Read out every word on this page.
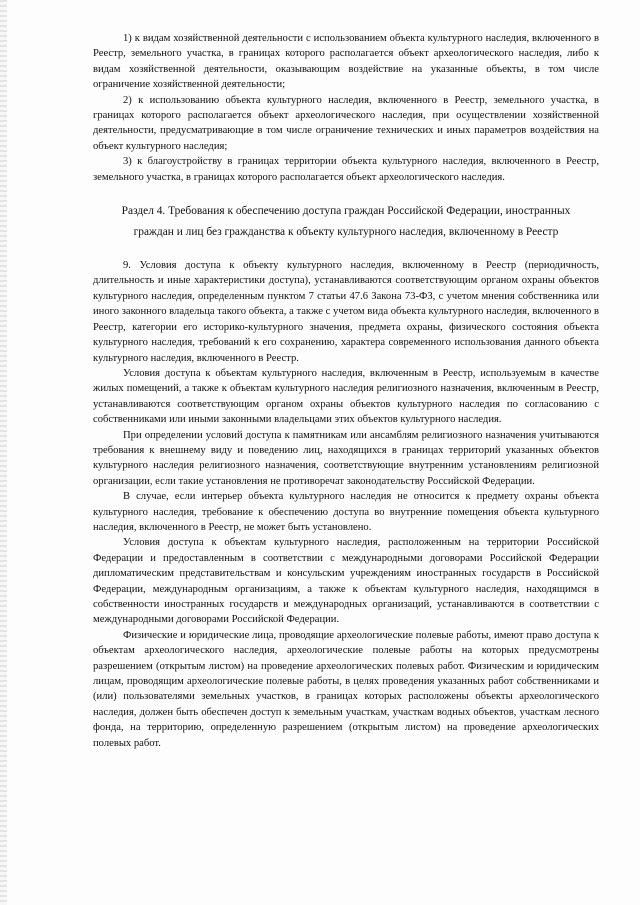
1) к видам хозяйственной деятельности с использованием объекта культурного наследия, включенного в Реестр, земельного участка, в границах которого располагается объект археологического наследия, либо к видам хозяйственной деятельности, оказывающим воздействие на указанные объекты, в том числе ограничение хозяйственной деятельности;

2) к использованию объекта культурного наследия, включенного в Реестр, земельного участка, в границах которого располагается объект археологического наследия, при осуществлении хозяйственной деятельности, предусматривающие в том числе ограничение технических и иных параметров воздействия на объект культурного наследия;

3) к благоустройству в границах территории объекта культурного наследия, включенного в Реестр, земельного участка, в границах которого располагается объект археологического наследия.

Раздел 4. Требования к обеспечению доступа граждан Российской Федерации, иностранных граждан и лиц без гражданства к объекту культурного наследия, включенному в Реестр

9. Условия доступа к объекту культурного наследия, включенному в Реестр (периодичность, длительность и иные характеристики доступа), устанавливаются соответствующим органом охраны объектов культурного наследия, определенным пунктом 7 статьи 47.6 Закона 73-ФЗ, с учетом мнения собственника или иного законного владельца такого объекта, а также с учетом вида объекта культурного наследия, включенного в Реестр, категории его историко-культурного значения, предмета охраны, физического состояния объекта культурного наследия, требований к его сохранению, характера современного использования данного объекта культурного наследия, включенного в Реестр.

Условия доступа к объектам культурного наследия, включенным в Реестр, используемым в качестве жилых помещений, а также к объектам культурного наследия религиозного назначения, включенным в Реестр, устанавливаются соответствующим органом охраны объектов культурного наследия по согласованию с собственниками или иными законными владельцами этих объектов культурного наследия.

При определении условий доступа к памятникам или ансамблям религиозного назначения учитываются требования к внешнему виду и поведению лиц, находящихся в границах территорий указанных объектов культурного наследия религиозного назначения, соответствующие внутренним установлениям религиозной организации, если такие установления не противоречат законодательству Российской Федерации.

В случае, если интерьер объекта культурного наследия не относится к предмету охраны объекта культурного наследия, требование к обеспечению доступа во внутренние помещения объекта культурного наследия, включенного в Реестр, не может быть установлено.

Условия доступа к объектам культурного наследия, расположенным на территории Российской Федерации и предоставленным в соответствии с международными договорами Российской Федерации дипломатическим представительствам и консульским учреждениям иностранных государств в Российской Федерации, международным организациям, а также к объектам культурного наследия, находящимся в собственности иностранных государств и международных организаций, устанавливаются в соответствии с международными договорами Российской Федерации.

Физические и юридические лица, проводящие археологические полевые работы, имеют право доступа к объектам археологического наследия, археологические полевые работы на которых предусмотрены разрешением (открытым листом) на проведение археологических полевых работ. Физическим и юридическим лицам, проводящим археологические полевые работы, в целях проведения указанных работ собственниками и (или) пользователями земельных участков, в границах которых расположены объекты археологического наследия, должен быть обеспечен доступ к земельным участкам, участкам водных объектов, участкам лесного фонда, на территорию, определенную разрешением (открытым листом) на проведение археологических полевых работ.
